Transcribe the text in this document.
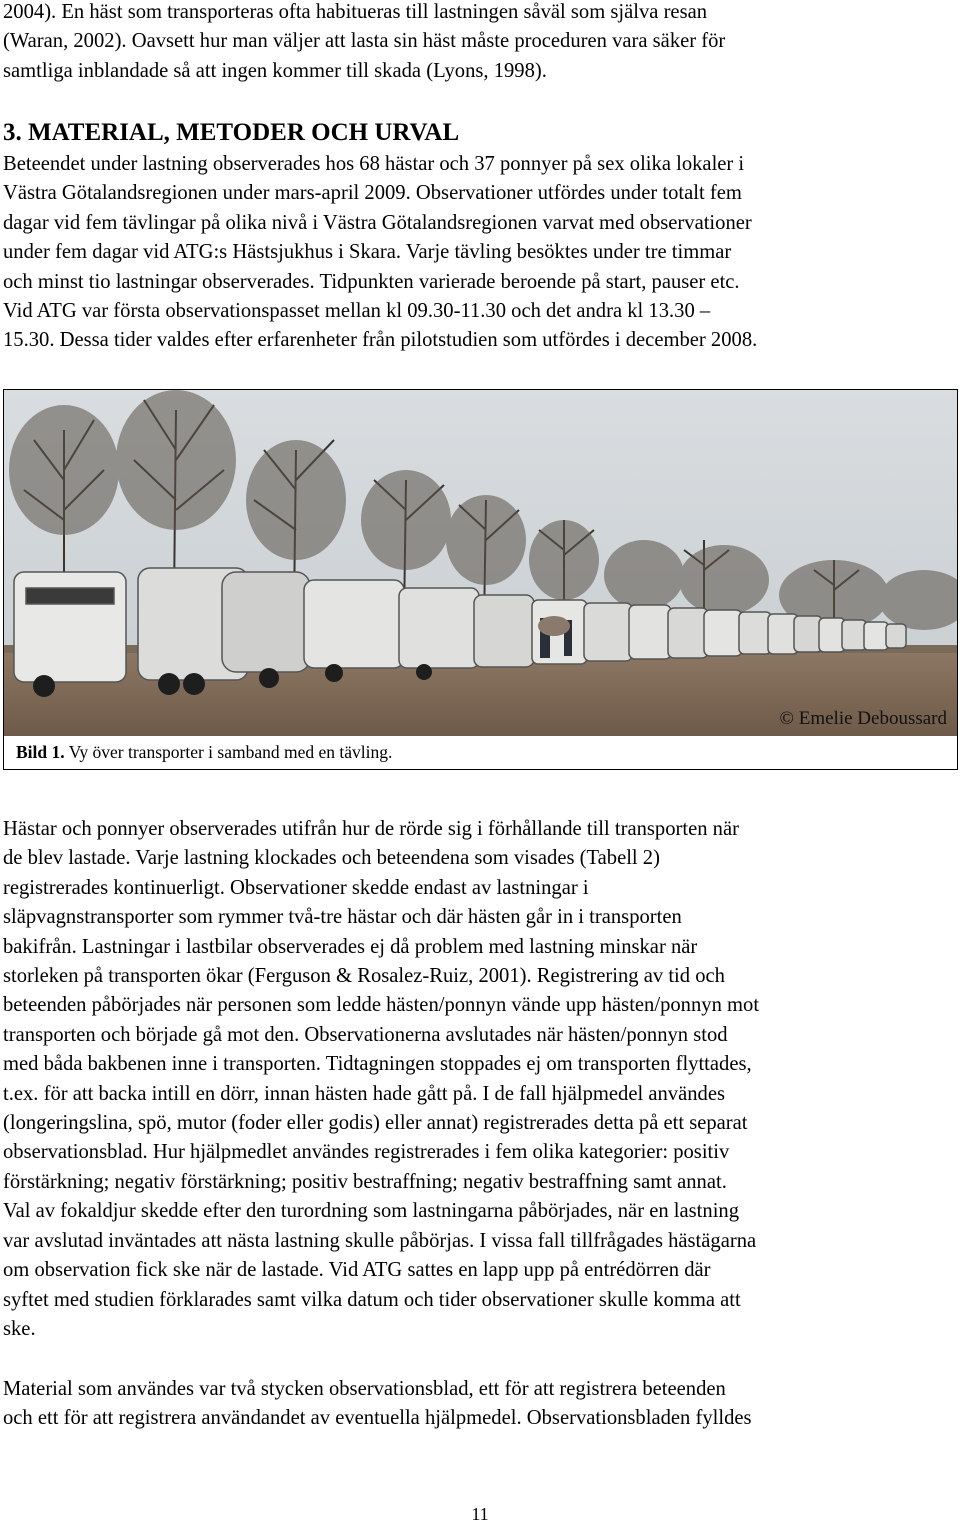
2004). En häst som transporteras ofta habitueras till lastningen såväl som själva resan
(Waran, 2002). Oavsett hur man väljer att lasta sin häst måste proceduren vara säker för
samtliga inblandade så att ingen kommer till skada (Lyons, 1998).
3. MATERIAL, METODER OCH URVAL
Beteendet under lastning observerades hos 68 hästar och 37 ponnyer på sex olika lokaler i
Västra Götalandsregionen under mars-april 2009. Observationer utfördes under totalt fem
dagar vid fem tävlingar på olika nivå i Västra Götalandsregionen varvat med observationer
under fem dagar vid ATG:s Hästsjukhus i Skara. Varje tävling besöktes under tre timmar
och minst tio lastningar observerades. Tidpunkten varierade beroende på start, pauser etc.
Vid ATG var första observationspasset mellan kl 09.30-11.30 och det andra kl 13.30 –
15.30. Dessa tider valdes efter erfarenheter från pilotstudien som utfördes i december 2008.
© Emelie Deboussard
Bild 1. Vy över transporter i samband med en tävling.
Hästar och ponnyer observerades utifrån hur de rörde sig i förhållande till transporten när
de blev lastade. Varje lastning klockades och beteendena som visades (Tabell 2)
registrerades kontinuerligt. Observationer skedde endast av lastningar i
släpvagnstransporter som rymmer två-tre hästar och där hästen går in i transporten
bakifrån. Lastningar i lastbilar observerades ej då problem med lastning minskar när
storleken på transporten ökar (Ferguson & Rosalez-Ruiz, 2001). Registrering av tid och
beteenden påbörjades när personen som ledde hästen/ponnyn vände upp hästen/ponnyn mot
transporten och började gå mot den. Observationerna avslutades när hästen/ponnyn stod
med båda bakbenen inne i transporten. Tidtagningen stoppades ej om transporten flyttades,
t.ex. för att backa intill en dörr, innan hästen hade gått på. I de fall hjälpmedel användes
(longeringslina, spö, mutor (foder eller godis) eller annat) registrerades detta på ett separat
observationsblad. Hur hjälpmedlet användes registrerades i fem olika kategorier: positiv
förstärkning; negativ förstärkning; positiv bestraffning; negativ bestraffning samt annat.
Val av fokaldjur skedde efter den turordning som lastningarna påbörjades, när en lastning
var avslutad inväntades att nästa lastning skulle påbörjas. I vissa fall tillfrågades hästägarna
om observation fick ske när de lastade. Vid ATG sattes en lapp upp på entrédörren där
syftet med studien förklarades samt vilka datum och tider observationer skulle komma att
ske.
Material som användes var två stycken observationsblad, ett för att registrera beteenden
och ett för att registrera användandet av eventuella hjälpmedel. Observationsbladen fylldes
11
